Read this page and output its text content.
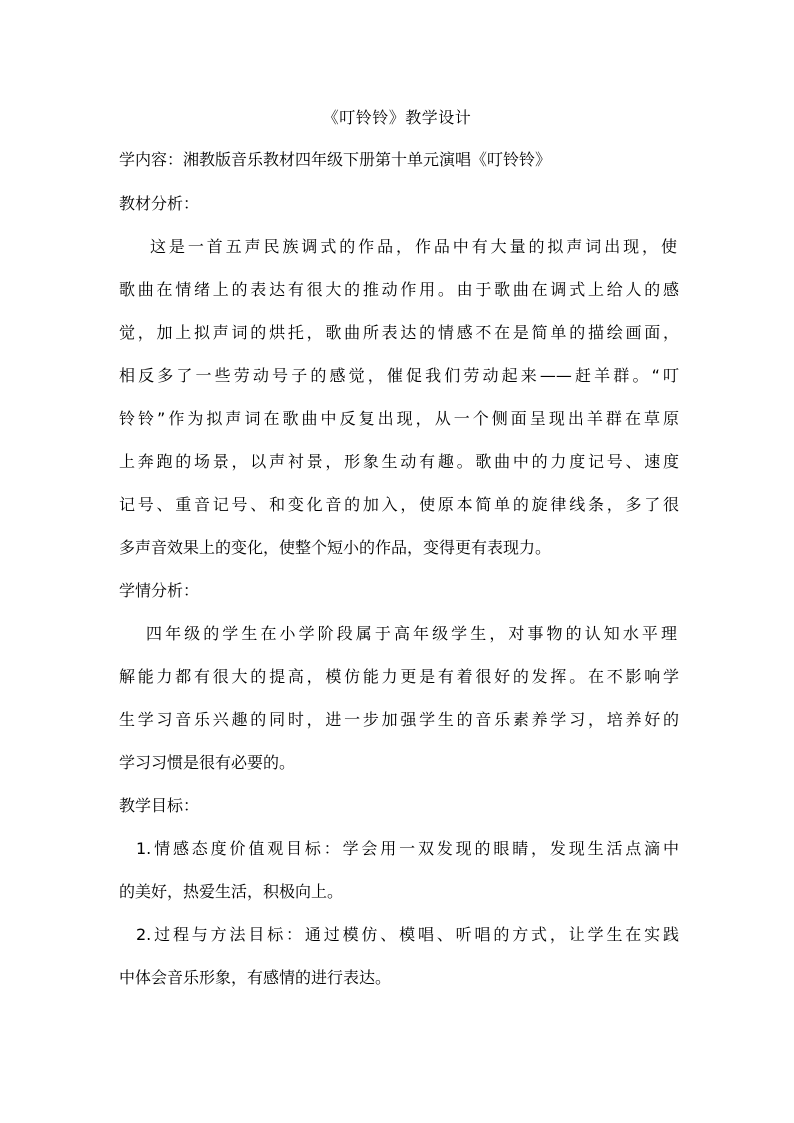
《叮铃铃》教学设计
学内容：湘教版音乐教材四年级下册第十单元演唱《叮铃铃》
教材分析：
这是一首五声民族调式的作品，作品中有大量的拟声词出现，使
歌曲在情绪上的表达有很大的推动作用。由于歌曲在调式上给人的感
觉，加上拟声词的烘托，歌曲所表达的情感不在是简单的描绘画面，
相反多了一些劳动号子的感觉，催促我们劳动起来——赶羊群。“叮
铃铃”作为拟声词在歌曲中反复出现，从一个侧面呈现出羊群在草原
上奔跑的场景，以声衬景，形象生动有趣。歌曲中的力度记号、速度
记号、重音记号、和变化音的加入，使原本简单的旋律线条，多了很
多声音效果上的变化，使整个短小的作品，变得更有表现力。
学情分析：
四年级的学生在小学阶段属于高年级学生，对事物的认知水平理
解能力都有很大的提高，模仿能力更是有着很好的发挥。在不影响学
生学习音乐兴趣的同时，进一步加强学生的音乐素养学习，培养好的
学习习惯是很有必要的。
教学目标：
1.情感态度价值观目标：学会用一双发现的眼睛，发现生活点滴中
的美好，热爱生活，积极向上。
2.过程与方法目标：通过模仿、模唱、听唱的方式，让学生在实践
中体会音乐形象，有感情的进行表达。
